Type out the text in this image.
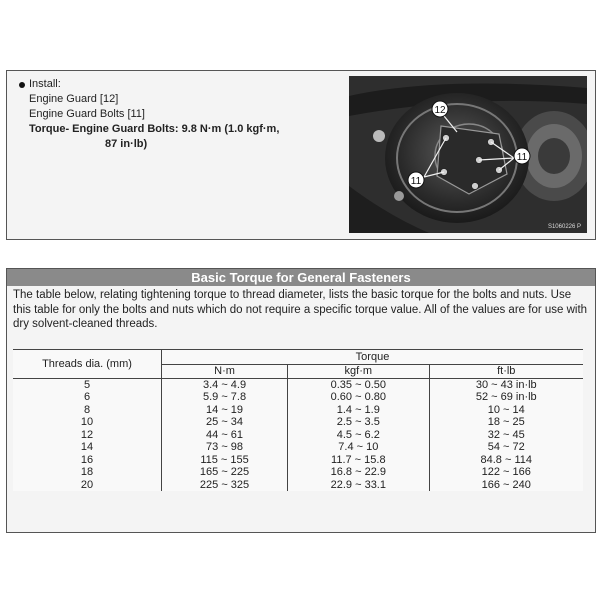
Install:
Engine Guard [12]
Engine Guard Bolts [11]
Torque- Engine Guard Bolts: 9.8 N·m (1.0 kgf·m,
87 in·lb)
12
11
11
S1060226 P
Basic Torque for General Fasteners
The table below, relating tightening torque to thread diameter, lists the basic torque for the bolts and nuts. Use this table for only the bolts and nuts which do not require a specific torque value. All of the values are for use with dry solvent-cleaned threads.
Threads dia. (mm)	Torque		
	N·m	kgf·m	ft·lb
5	3.4 ~ 4.9	0.35 ~ 0.50	30 ~ 43 in·lb
6	5.9 ~ 7.8	0.60 ~ 0.80	52 ~ 69 in·lb
8	14 ~ 19	1.4 ~ 1.9	10 ~ 14
10	25 ~ 34	2.5 ~ 3.5	18 ~ 25
12	44 ~ 61	4.5 ~ 6.2	32 ~ 45
14	73 ~ 98	7.4 ~ 10	54 ~ 72
16	115 ~ 155	11.7 ~ 15.8	84.8 ~ 114
18	165 ~ 225	16.8 ~ 22.9	122 ~ 166
20	225 ~ 325	22.9 ~ 33.1	166 ~ 240
